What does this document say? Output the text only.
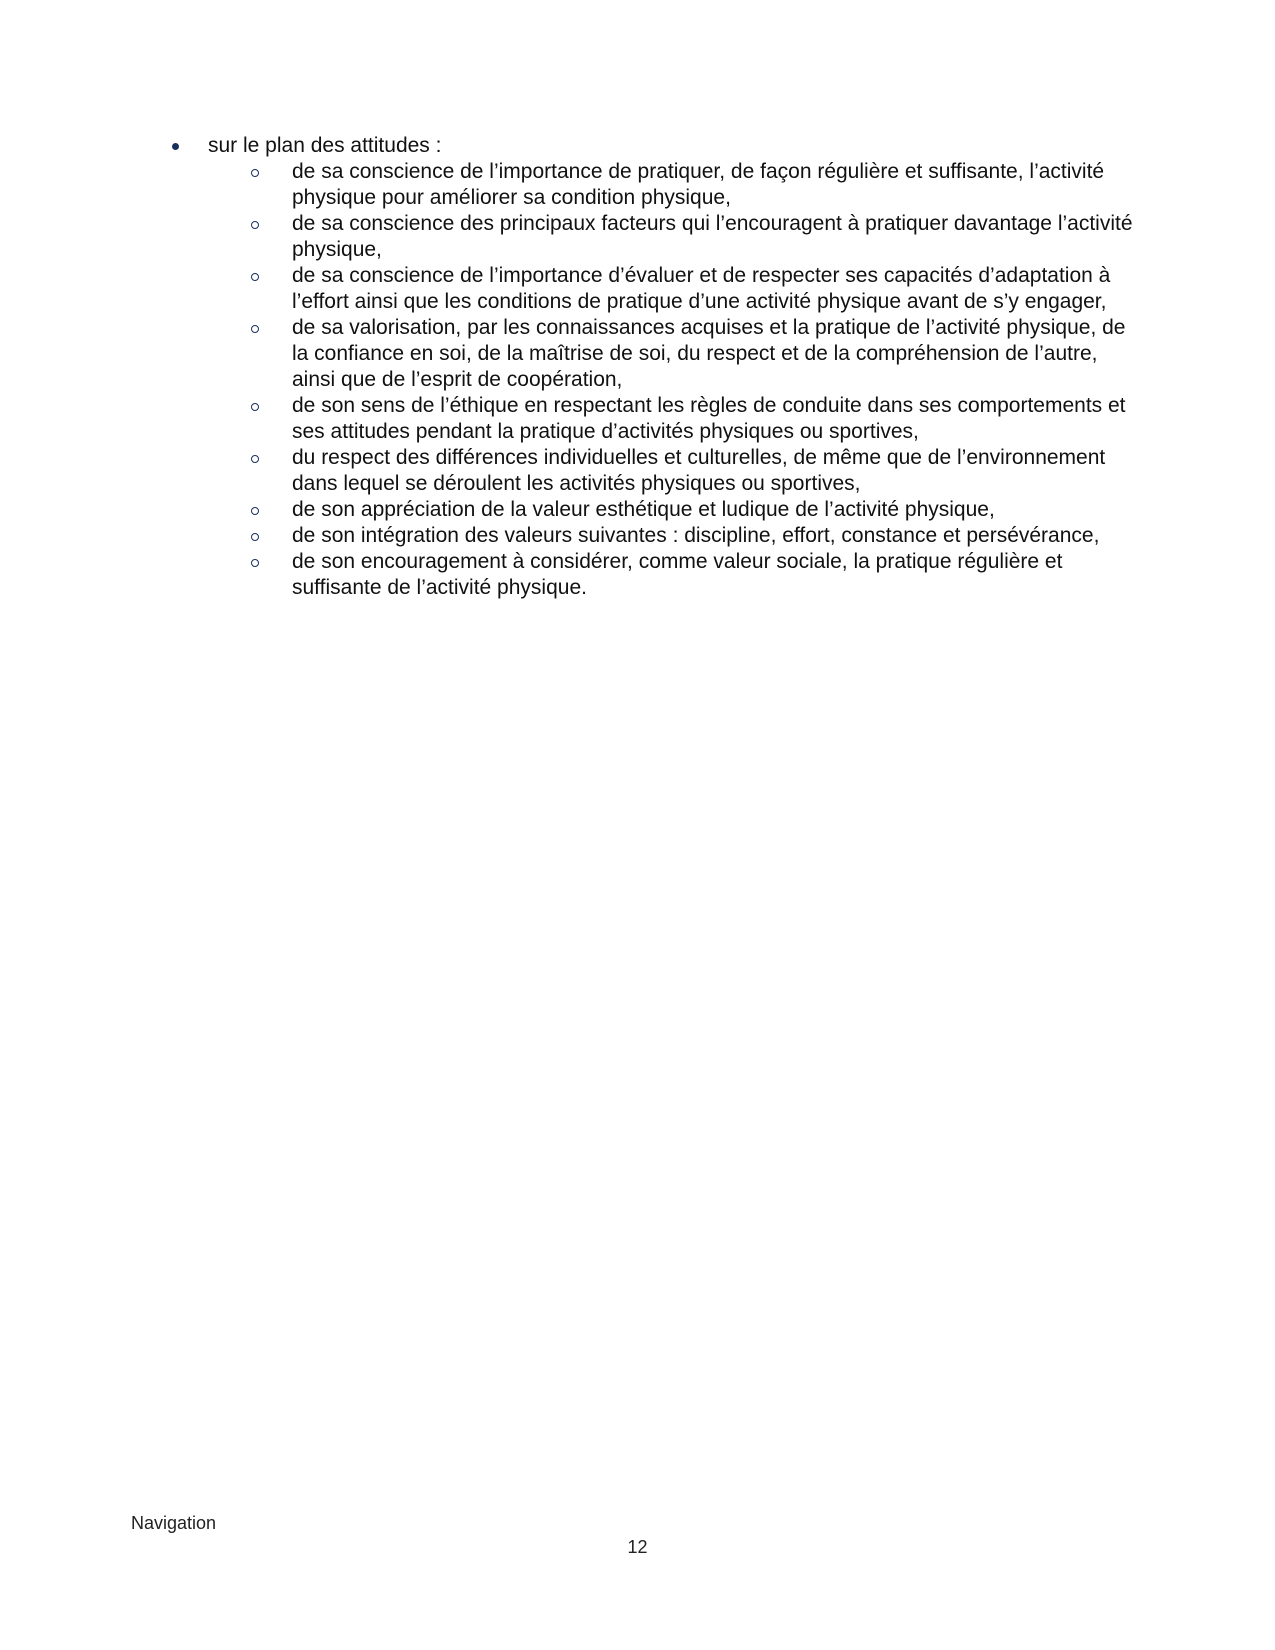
sur le plan des attitudes :
de sa conscience de l’importance de pratiquer, de façon régulière et suffisante, l’activité physique pour améliorer sa condition physique,
de sa conscience des principaux facteurs qui l’encouragent à pratiquer davantage l’activité physique,
de sa conscience de l’importance d’évaluer et de respecter ses capacités d’adaptation à l’effort ainsi que les conditions de pratique d’une activité physique avant de s’y engager,
de sa valorisation, par les connaissances acquises et la pratique de l’activité physique, de la confiance en soi, de la maîtrise de soi, du respect et de la compréhension de l’autre, ainsi que de l’esprit de coopération,
de son sens de l’éthique en respectant les règles de conduite dans ses comportements et ses attitudes pendant la pratique d’activités physiques ou sportives,
du respect des différences individuelles et culturelles, de même que de l’environnement dans lequel se déroulent les activités physiques ou sportives,
de son appréciation de la valeur esthétique et ludique de l’activité physique,
de son intégration des valeurs suivantes : discipline, effort, constance et persévérance,
de son encouragement à considérer, comme valeur sociale, la pratique régulière et suffisante de l’activité physique.
Navigation
12
